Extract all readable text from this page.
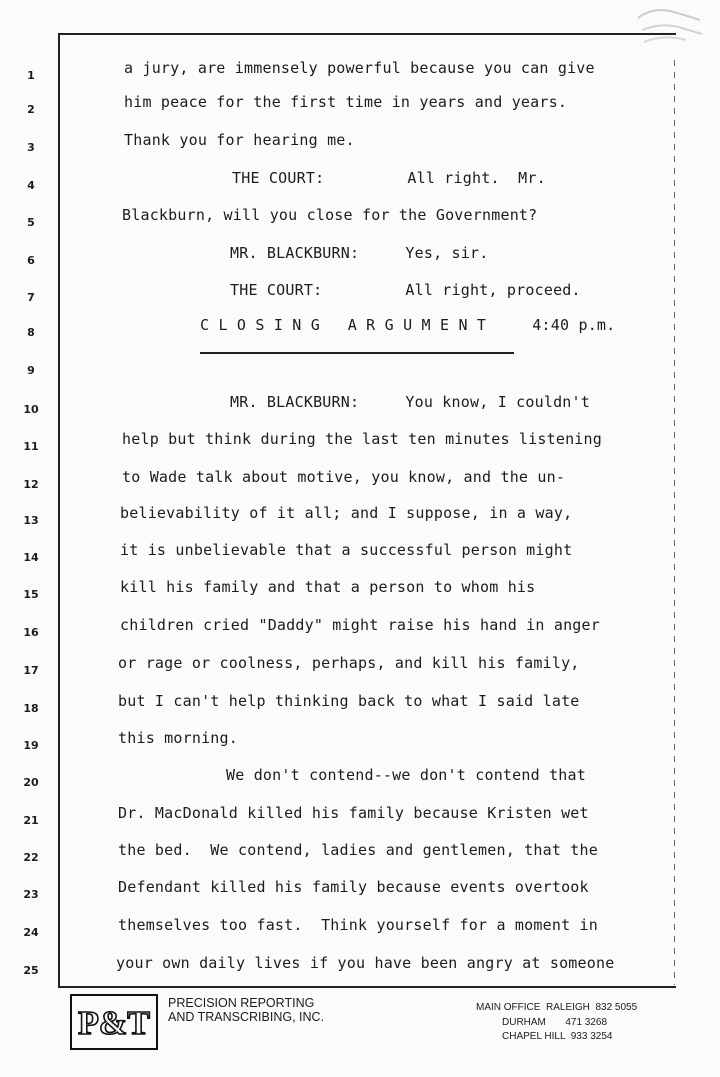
1	a jury, are immensely powerful because you can give
2	him peace for the first time in years and years.
3	Thank you for hearing me.
4	THE COURT:         All right.  Mr.
5	Blackburn, will you close for the Government?
6	MR. BLACKBURN:     Yes, sir.
7	THE COURT:         All right, proceed.
8	C L O S I N G   A R G U M E N T     4:40 p.m.
9
10	MR. BLACKBURN:     You know, I couldn't
11	help but think during the last ten minutes listening
12	to Wade talk about motive, you know, and the un-
13	believability of it all; and I suppose, in a way,
14	it is unbelievable that a successful person might
15	kill his family and that a person to whom his
16	children cried "Daddy" might raise his hand in anger
17	or rage or coolness, perhaps, and kill his family,
18	but I can't help thinking back to what I said late
19	this morning.
20	We don't contend--we don't contend that
21	Dr. MacDonald killed his family because Kristen wet
22	the bed.  We contend, ladies and gentlemen, that the
23	Defendant killed his family because events overtook
24	themselves too fast.  Think yourself for a moment in
25	your own daily lives if you have been angry at someone
P&T
PRECISION REPORTING
AND TRANSCRIBING, INC.
MAIN OFFICE  RALEIGH  832 5055
DURHAM       471 3268
CHAPEL HILL  933 3254
